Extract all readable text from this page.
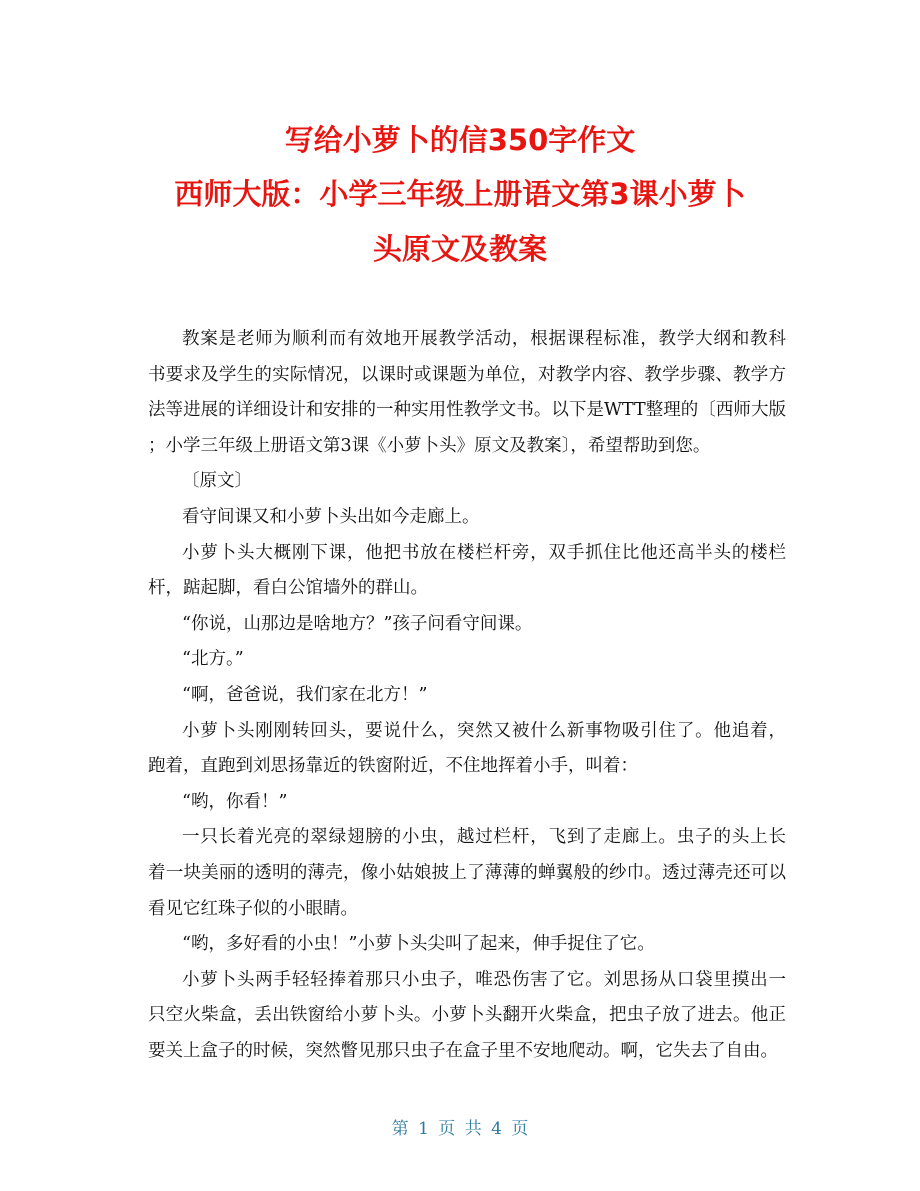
写给小萝卜的信350字作文
西师大版：小学三年级上册语文第3课小萝卜
头原文及教案
教案是老师为顺利而有效地开展教学活动，根据课程标准，教学大纲和教科
书要求及学生的实际情况，以课时或课题为单位，对教学内容、教学步骤、教学方
法等进展的详细设计和安排的一种实用性教学文书。以下是WTT整理的〔西师大版
；小学三年级上册语文第3课《小萝卜头》原文及教案〕，希望帮助到您。
〔原文〕
看守间课又和小萝卜头出如今走廊上。
小萝卜头大概刚下课，他把书放在楼栏杆旁，双手抓住比他还高半头的楼栏
杆，踮起脚，看白公馆墙外的群山。
“你说，山那边是啥地方？”孩子问看守间课。
“北方。”
“啊，爸爸说，我们家在北方！”
小萝卜头刚刚转回头，要说什么，突然又被什么新事物吸引住了。他追着，
跑着，直跑到刘思扬靠近的铁窗附近，不住地挥着小手，叫着：
“哟，你看！”
一只长着光亮的翠绿翅膀的小虫，越过栏杆，飞到了走廊上。虫子的头上长
着一块美丽的透明的薄壳，像小姑娘披上了薄薄的蝉翼般的纱巾。透过薄壳还可以
看见它红珠子似的小眼睛。
“哟，多好看的小虫！”小萝卜头尖叫了起来，伸手捉住了它。
小萝卜头两手轻轻捧着那只小虫子，唯恐伤害了它。刘思扬从口袋里摸出一
只空火柴盒，丢出铁窗给小萝卜头。小萝卜头翻开火柴盒，把虫子放了进去。他正
要关上盒子的时候，突然瞥见那只虫子在盒子里不安地爬动。啊，它失去了自由。
第 1 页 共 4 页
